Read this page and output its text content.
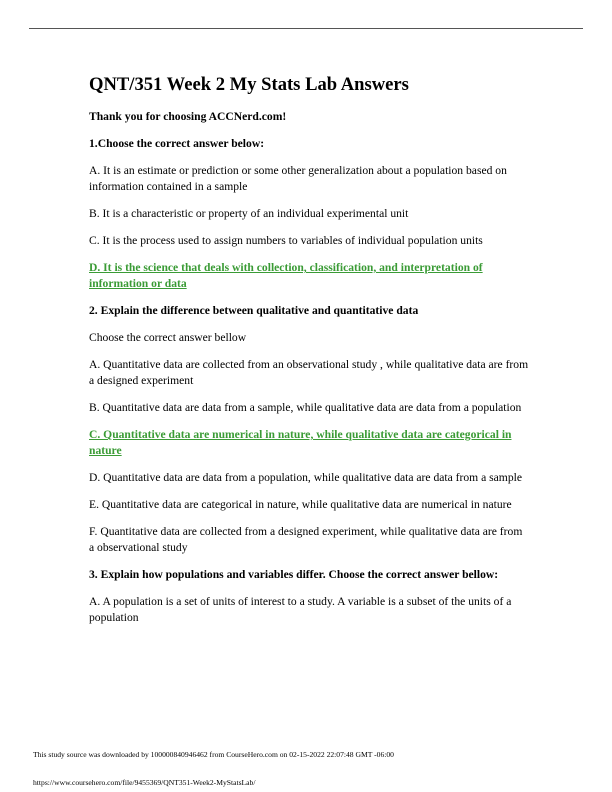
QNT/351 Week 2 My Stats Lab Answers

Thank you for choosing ACCNerd.com!

1.Choose the correct answer below:

A. It is an estimate or prediction or some other generalization about a population based on information contained in a sample

B. It is a characteristic or property of an individual experimental unit

C. It is the process used to assign numbers to variables of individual population units

D. It is the science that deals with collection, classification, and interpretation of information or data

2. Explain the difference between qualitative and quantitative data

Choose the correct answer bellow

A. Quantitative data are collected from an observational study , while qualitative data are from a designed experiment

B. Quantitative data are data from a sample, while qualitative data are data from a population

C. Quantitative data are numerical in nature, while qualitative data are categorical in nature

D. Quantitative data are data from a population, while qualitative data are data from a sample

E. Quantitative data are categorical in nature, while qualitative data are numerical in nature

F. Quantitative data are collected from a designed experiment, while qualitative data are from a observational study

3. Explain how populations and variables differ. Choose the correct answer bellow:

A. A population is a set of units of interest to a study. A variable is a subset of the units of a population

This study source was downloaded by 100000840946462 from CourseHero.com on 02-15-2022 22:07:48 GMT -06:00
https://www.coursehero.com/file/9455369/QNT351-Week2-MyStatsLab/
